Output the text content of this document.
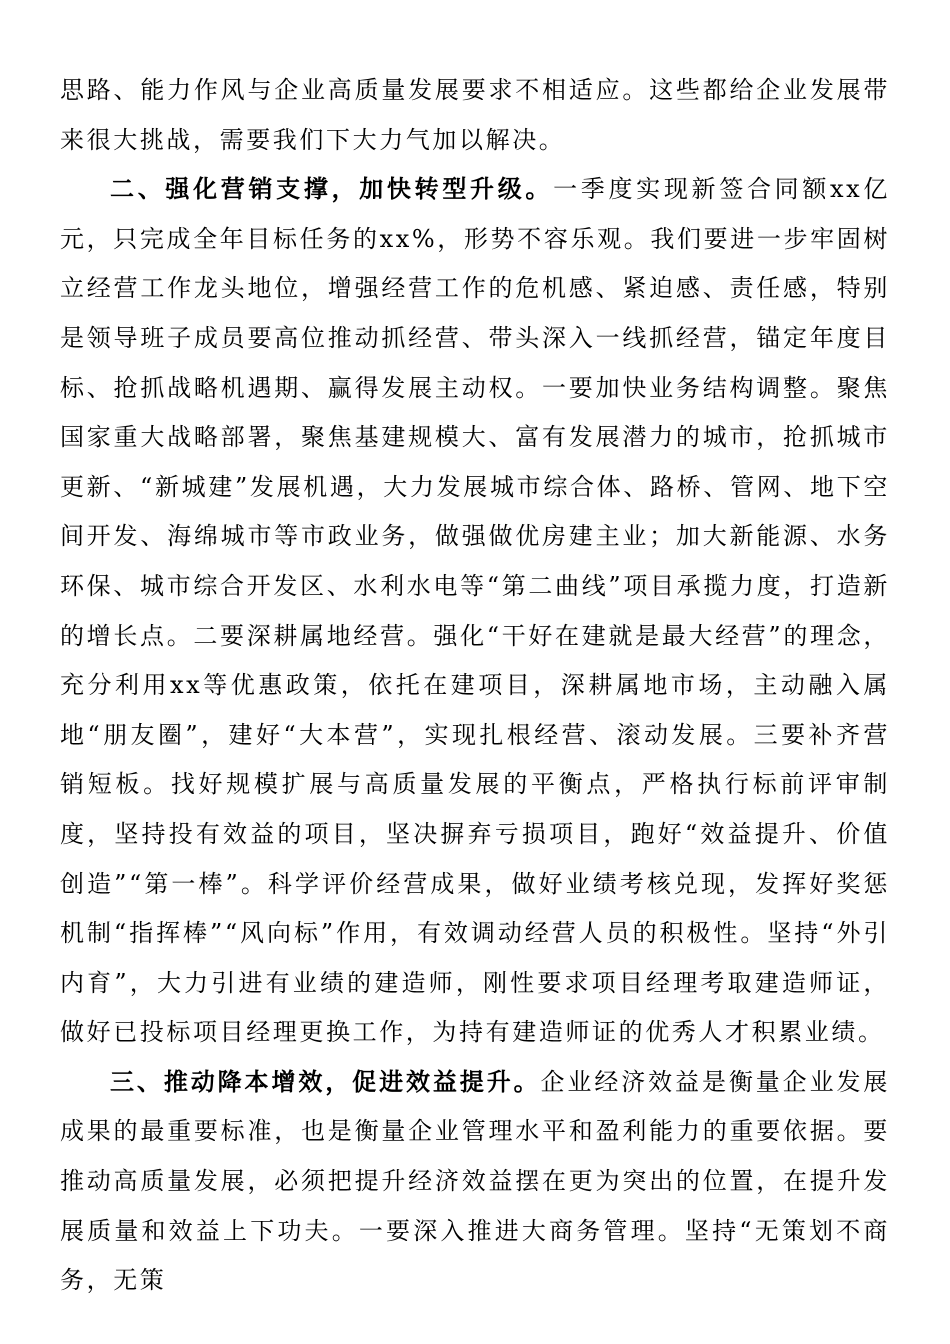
思路、能力作风与企业高质量发展要求不相适应。这些都给企业发展带来很大挑战，需要我们下大力气加以解决。

二、强化营销支撑，加快转型升级。一季度实现新签合同额xx亿元，只完成全年目标任务的xx%，形势不容乐观。我们要进一步牢固树立经营工作龙头地位，增强经营工作的危机感、紧迫感、责任感，特别是领导班子成员要高位推动抓经营、带头深入一线抓经营，锚定年度目标、抢抓战略机遇期、赢得发展主动权。一要加快业务结构调整。聚焦国家重大战略部署，聚焦基建规模大、富有发展潜力的城市，抢抓城市更新、“新城建”发展机遇，大力发展城市综合体、路桥、管网、地下空间开发、海绵城市等市政业务，做强做优房建主业；加大新能源、水务环保、城市综合开发区、水利水电等“第二曲线”项目承揽力度，打造新的增长点。二要深耕属地经营。强化“干好在建就是最大经营”的理念，充分利用xx等优惠政策，依托在建项目，深耕属地市场，主动融入属地“朋友圈”，建好“大本营”，实现扎根经营、滚动发展。三要补齐营销短板。找好规模扩展与高质量发展的平衡点，严格执行标前评审制度，坚持投有效益的项目，坚决摒弃亏损项目，跑好“效益提升、价值创造”“第一棒”。科学评价经营成果，做好业绩考核兑现，发挥好奖惩机制“指挥棒”“风向标”作用，有效调动经营人员的积极性。坚持“外引内育”，大力引进有业绩的建造师，刚性要求项目经理考取建造师证，做好已投标项目经理更换工作，为持有建造师证的优秀人才积累业绩。

三、推动降本增效，促进效益提升。企业经济效益是衡量企业发展成果的最重要标准，也是衡量企业管理水平和盈利能力的重要依据。要推动高质量发展，必须把提升经济效益摆在更为突出的位置，在提升发展质量和效益上下功夫。一要深入推进大商务管理。坚持“无策划不商务，无策
